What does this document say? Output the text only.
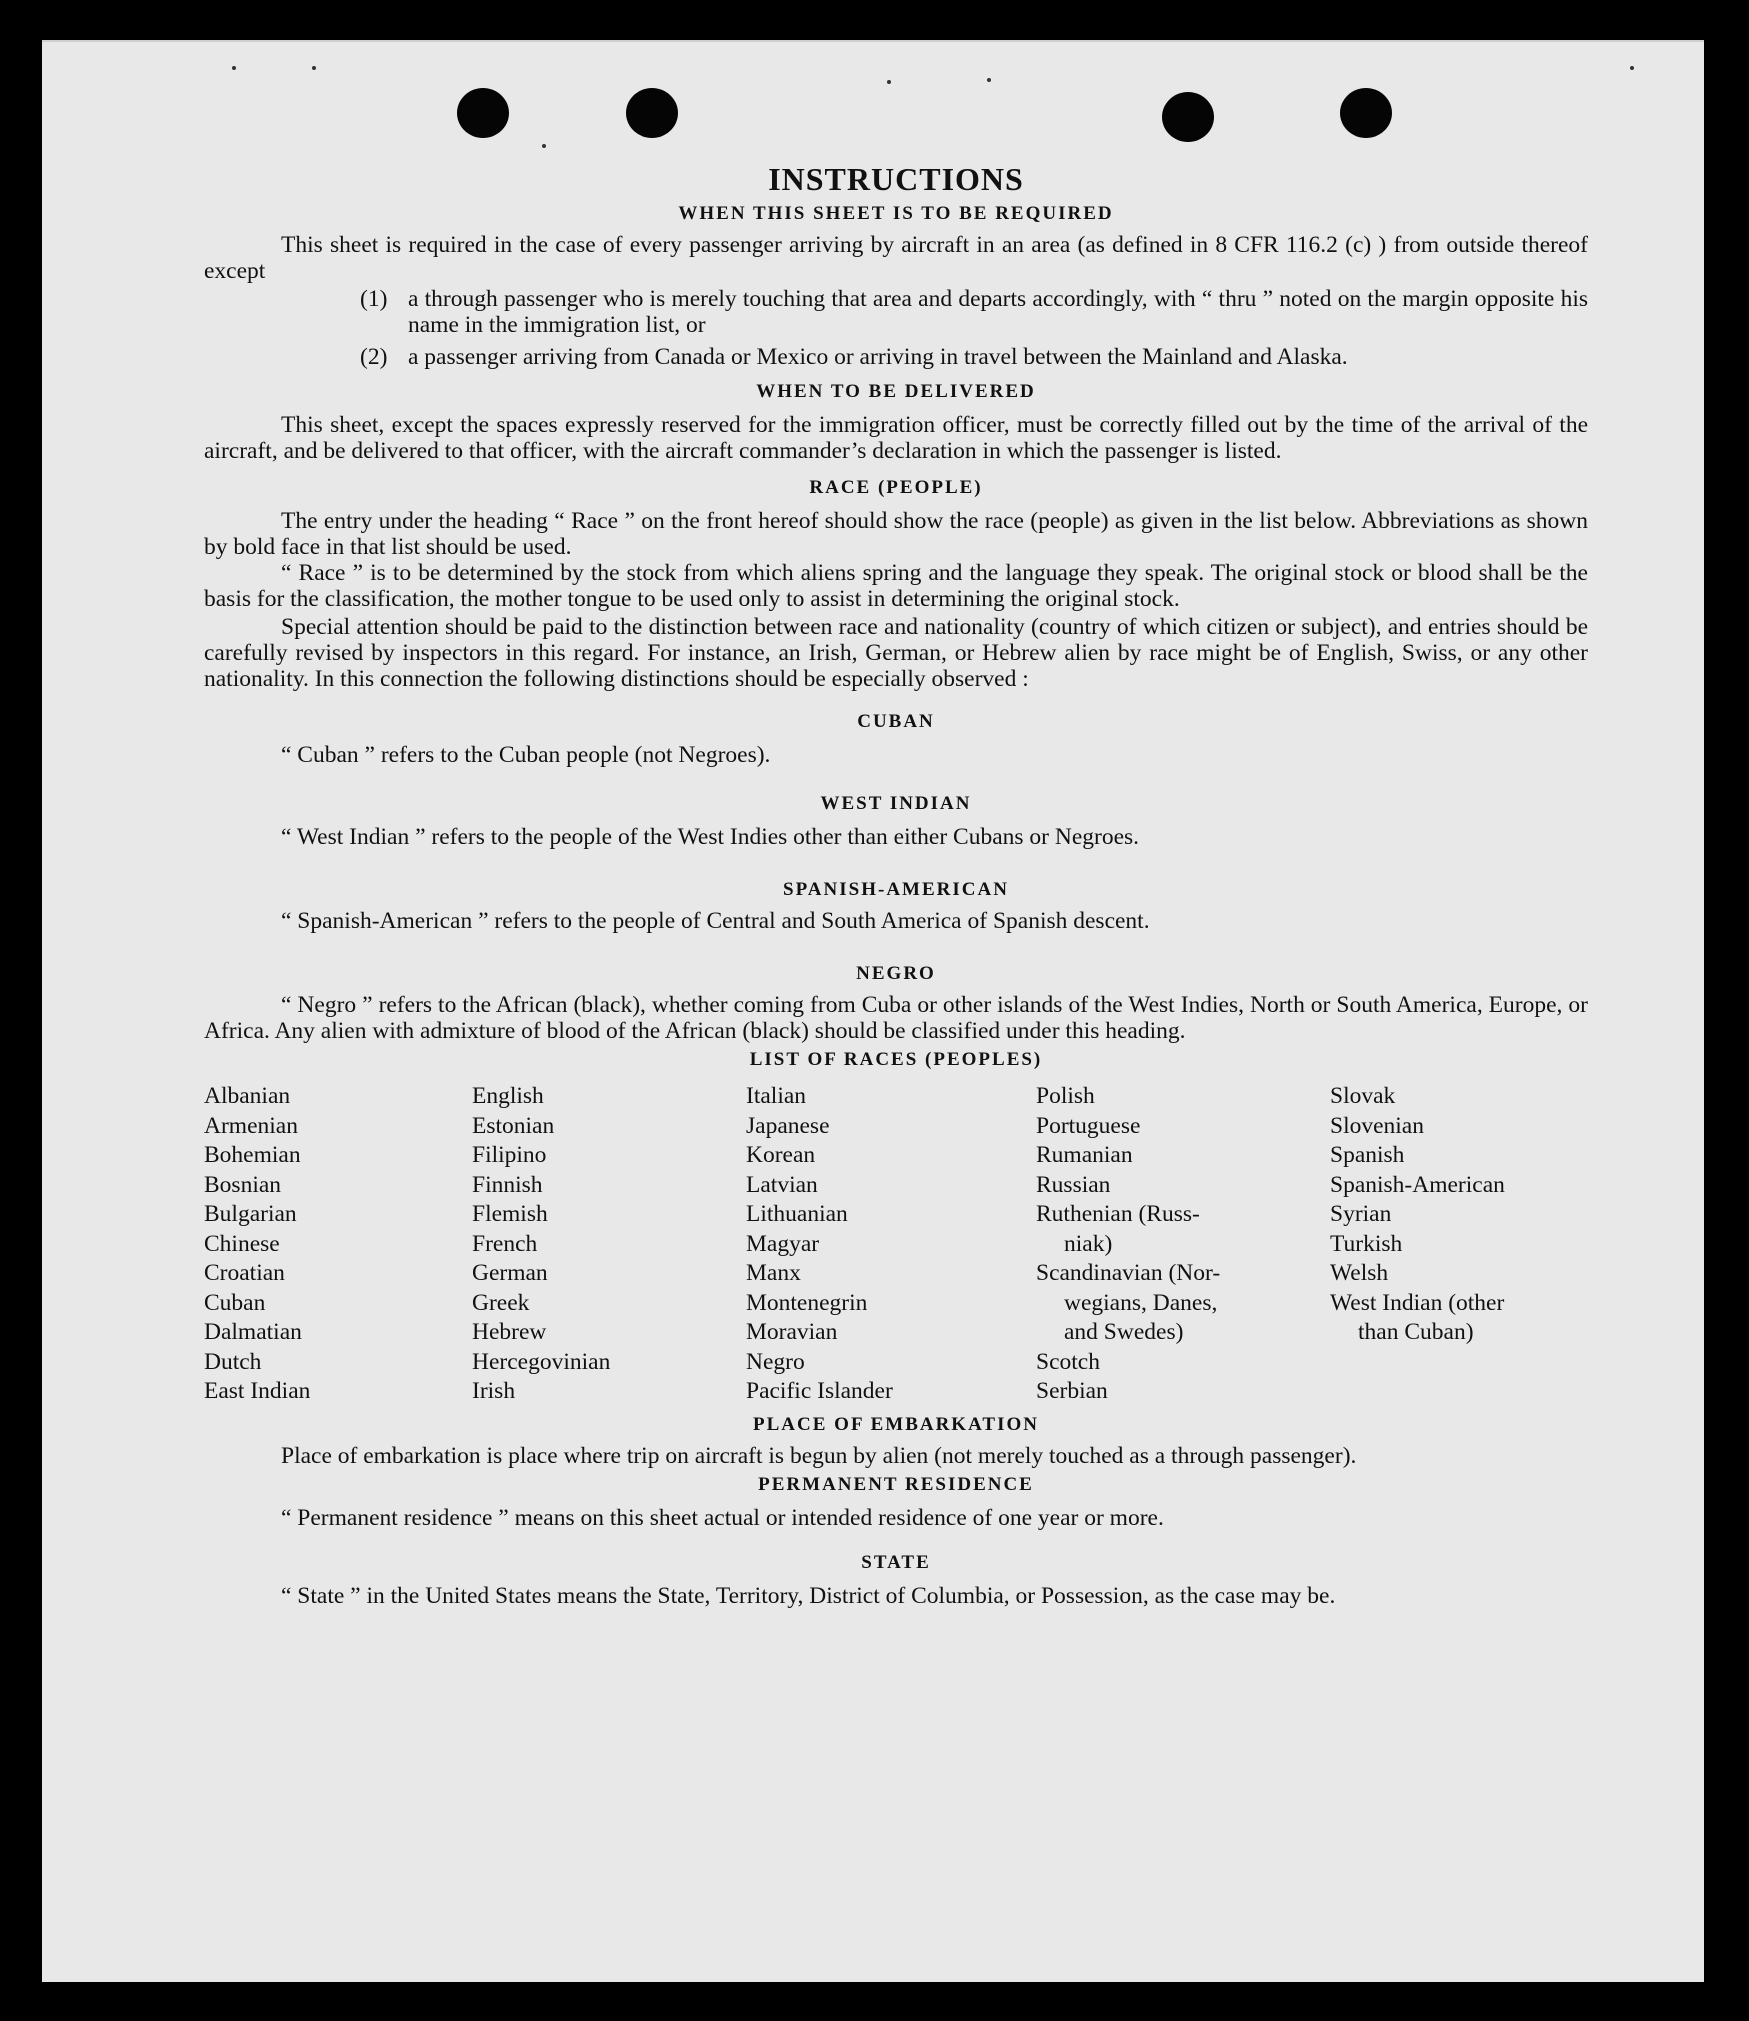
INSTRUCTIONS
WHEN THIS SHEET IS TO BE REQUIRED

This sheet is required in the case of every passenger arriving by aircraft in an area (as defined in 8 CFR 116.2 (c) ) from outside thereof except

(1) a through passenger who is merely touching that area and departs accordingly, with “ thru ” noted on the margin opposite his name in the immigration list, or
(2) a passenger arriving from Canada or Mexico or arriving in travel between the Mainland and Alaska.
WHEN TO BE DELIVERED

This sheet, except the spaces expressly reserved for the immigration officer, must be correctly filled out by the time of the arrival of the aircraft, and be delivered to that officer, with the aircraft commander’s declaration in which the passenger is listed.

RACE (PEOPLE)

The entry under the heading “ Race ” on the front hereof should show the race (people) as given in the list below. Abbreviations as shown by bold face in that list should be used.

“ Race ” is to be determined by the stock from which aliens spring and the language they speak. The original stock or blood shall be the basis for the classification, the mother tongue to be used only to assist in determining the original stock.

Special attention should be paid to the distinction between race and nationality (country of which citizen or subject), and entries should be carefully revised by inspectors in this regard. For instance, an Irish, German, or Hebrew alien by race might be of English, Swiss, or any other nationality. In this connection the following distinctions should be especially observed :

CUBAN

“ Cuban ” refers to the Cuban people (not Negroes).

WEST INDIAN

“ West Indian ” refers to the people of the West Indies other than either Cubans or Negroes.

SPANISH-AMERICAN

“ Spanish-American ” refers to the people of Central and South America of Spanish descent.

NEGRO

“ Negro ” refers to the African (black), whether coming from Cuba or other islands of the West Indies, North or South America, Europe, or Africa. Any alien with admixture of blood of the African (black) should be classified under this heading.

LIST OF RACES (PEOPLES)
Albanian
Armenian
Bohemian
Bosnian
Bulgarian
Chinese
Croatian
Cuban
Dalmatian
Dutch
East Indian
English
Estonian
Filipino
Finnish
Flemish
French
German
Greek
Hebrew
Hercegovinian
Irish
Italian
Japanese
Korean
Latvian
Lithuanian
Magyar
Manx
Montenegrin
Moravian
Negro
Pacific Islander
Polish
Portuguese
Rumanian
Russian
Ruthenian (Russ-
niak)
Scandinavian (Nor-
wegians, Danes,
and Swedes)
Scotch
Serbian
Slovak
Slovenian
Spanish
Spanish-American
Syrian
Turkish
Welsh
West Indian (other
than Cuban)
PLACE OF EMBARKATION

Place of embarkation is place where trip on aircraft is begun by alien (not merely touched as a through passenger).

PERMANENT RESIDENCE

“ Permanent residence ” means on this sheet actual or intended residence of one year or more.

STATE

“ State ” in the United States means the State, Territory, District of Columbia, or Possession, as the case may be.
